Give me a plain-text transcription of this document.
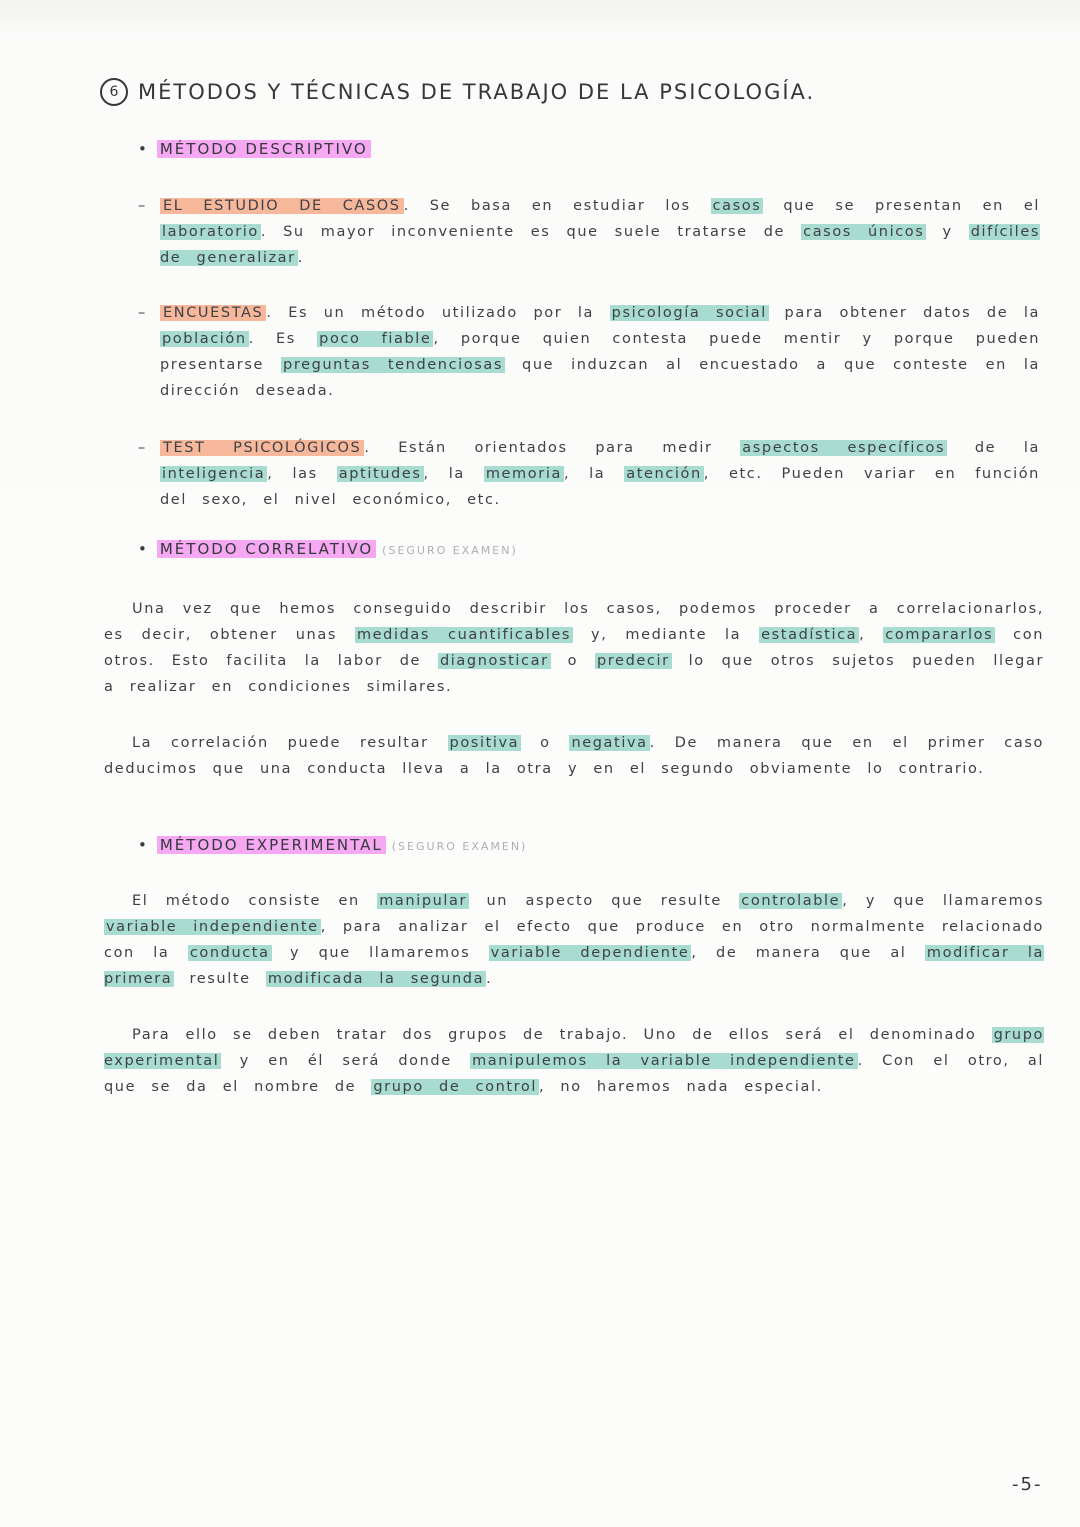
6 MÉTODOS Y TÉCNICAS DE TRABAJO DE LA PSICOLOGÍA.
• MÉTODO DESCRIPTIVO
– EL ESTUDIO DE CASOS . Se basa en estudiar los casos que se presentan en el laboratorio . Su mayor inconveniente es que suele tratarse de casos únicos y difíciles de generalizar .
– ENCUESTAS . Es un método utilizado por la psicología social para obtener datos de la población . Es poco fiable , porque quien contesta puede mentir y porque pueden presentarse preguntas tendenciosas que induzcan al encuestado a que conteste en la dirección deseada.
– TEST PSICOLÓGICOS . Están orientados para medir aspectos específicos de la inteligencia , las aptitudes , la memoria , la atención , etc. Pueden variar en función del sexo, el nivel económico, etc.
• MÉTODO CORRELATIVO (SEGURO EXAMEN)
Una vez que hemos conseguido describir los casos, podemos proceder a correlacionarlos, es decir, obtener unas medidas cuantificables y, mediante la estadística , compararlos con otros. Esto facilita la labor de diagnosticar o predecir lo que otros sujetos pueden llegar a realizar en condiciones similares.
La correlación puede resultar positiva o negativa . De manera que en el primer caso deducimos que una conducta lleva a la otra y en el segundo obviamente lo contrario.
• MÉTODO EXPERIMENTAL (SEGURO EXAMEN)
El método consiste en manipular un aspecto que resulte controlable , y que llamaremos variable independiente , para analizar el efecto que produce en otro normalmente relacionado con la conducta y que llamaremos variable dependiente , de manera que al modificar la primera resulte modificada la segunda .
Para ello se deben tratar dos grupos de trabajo. Uno de ellos será el denominado grupo experimental y en él será donde manipulemos la variable independiente . Con el otro, al que se da el nombre de grupo de control , no haremos nada especial.
-5-
